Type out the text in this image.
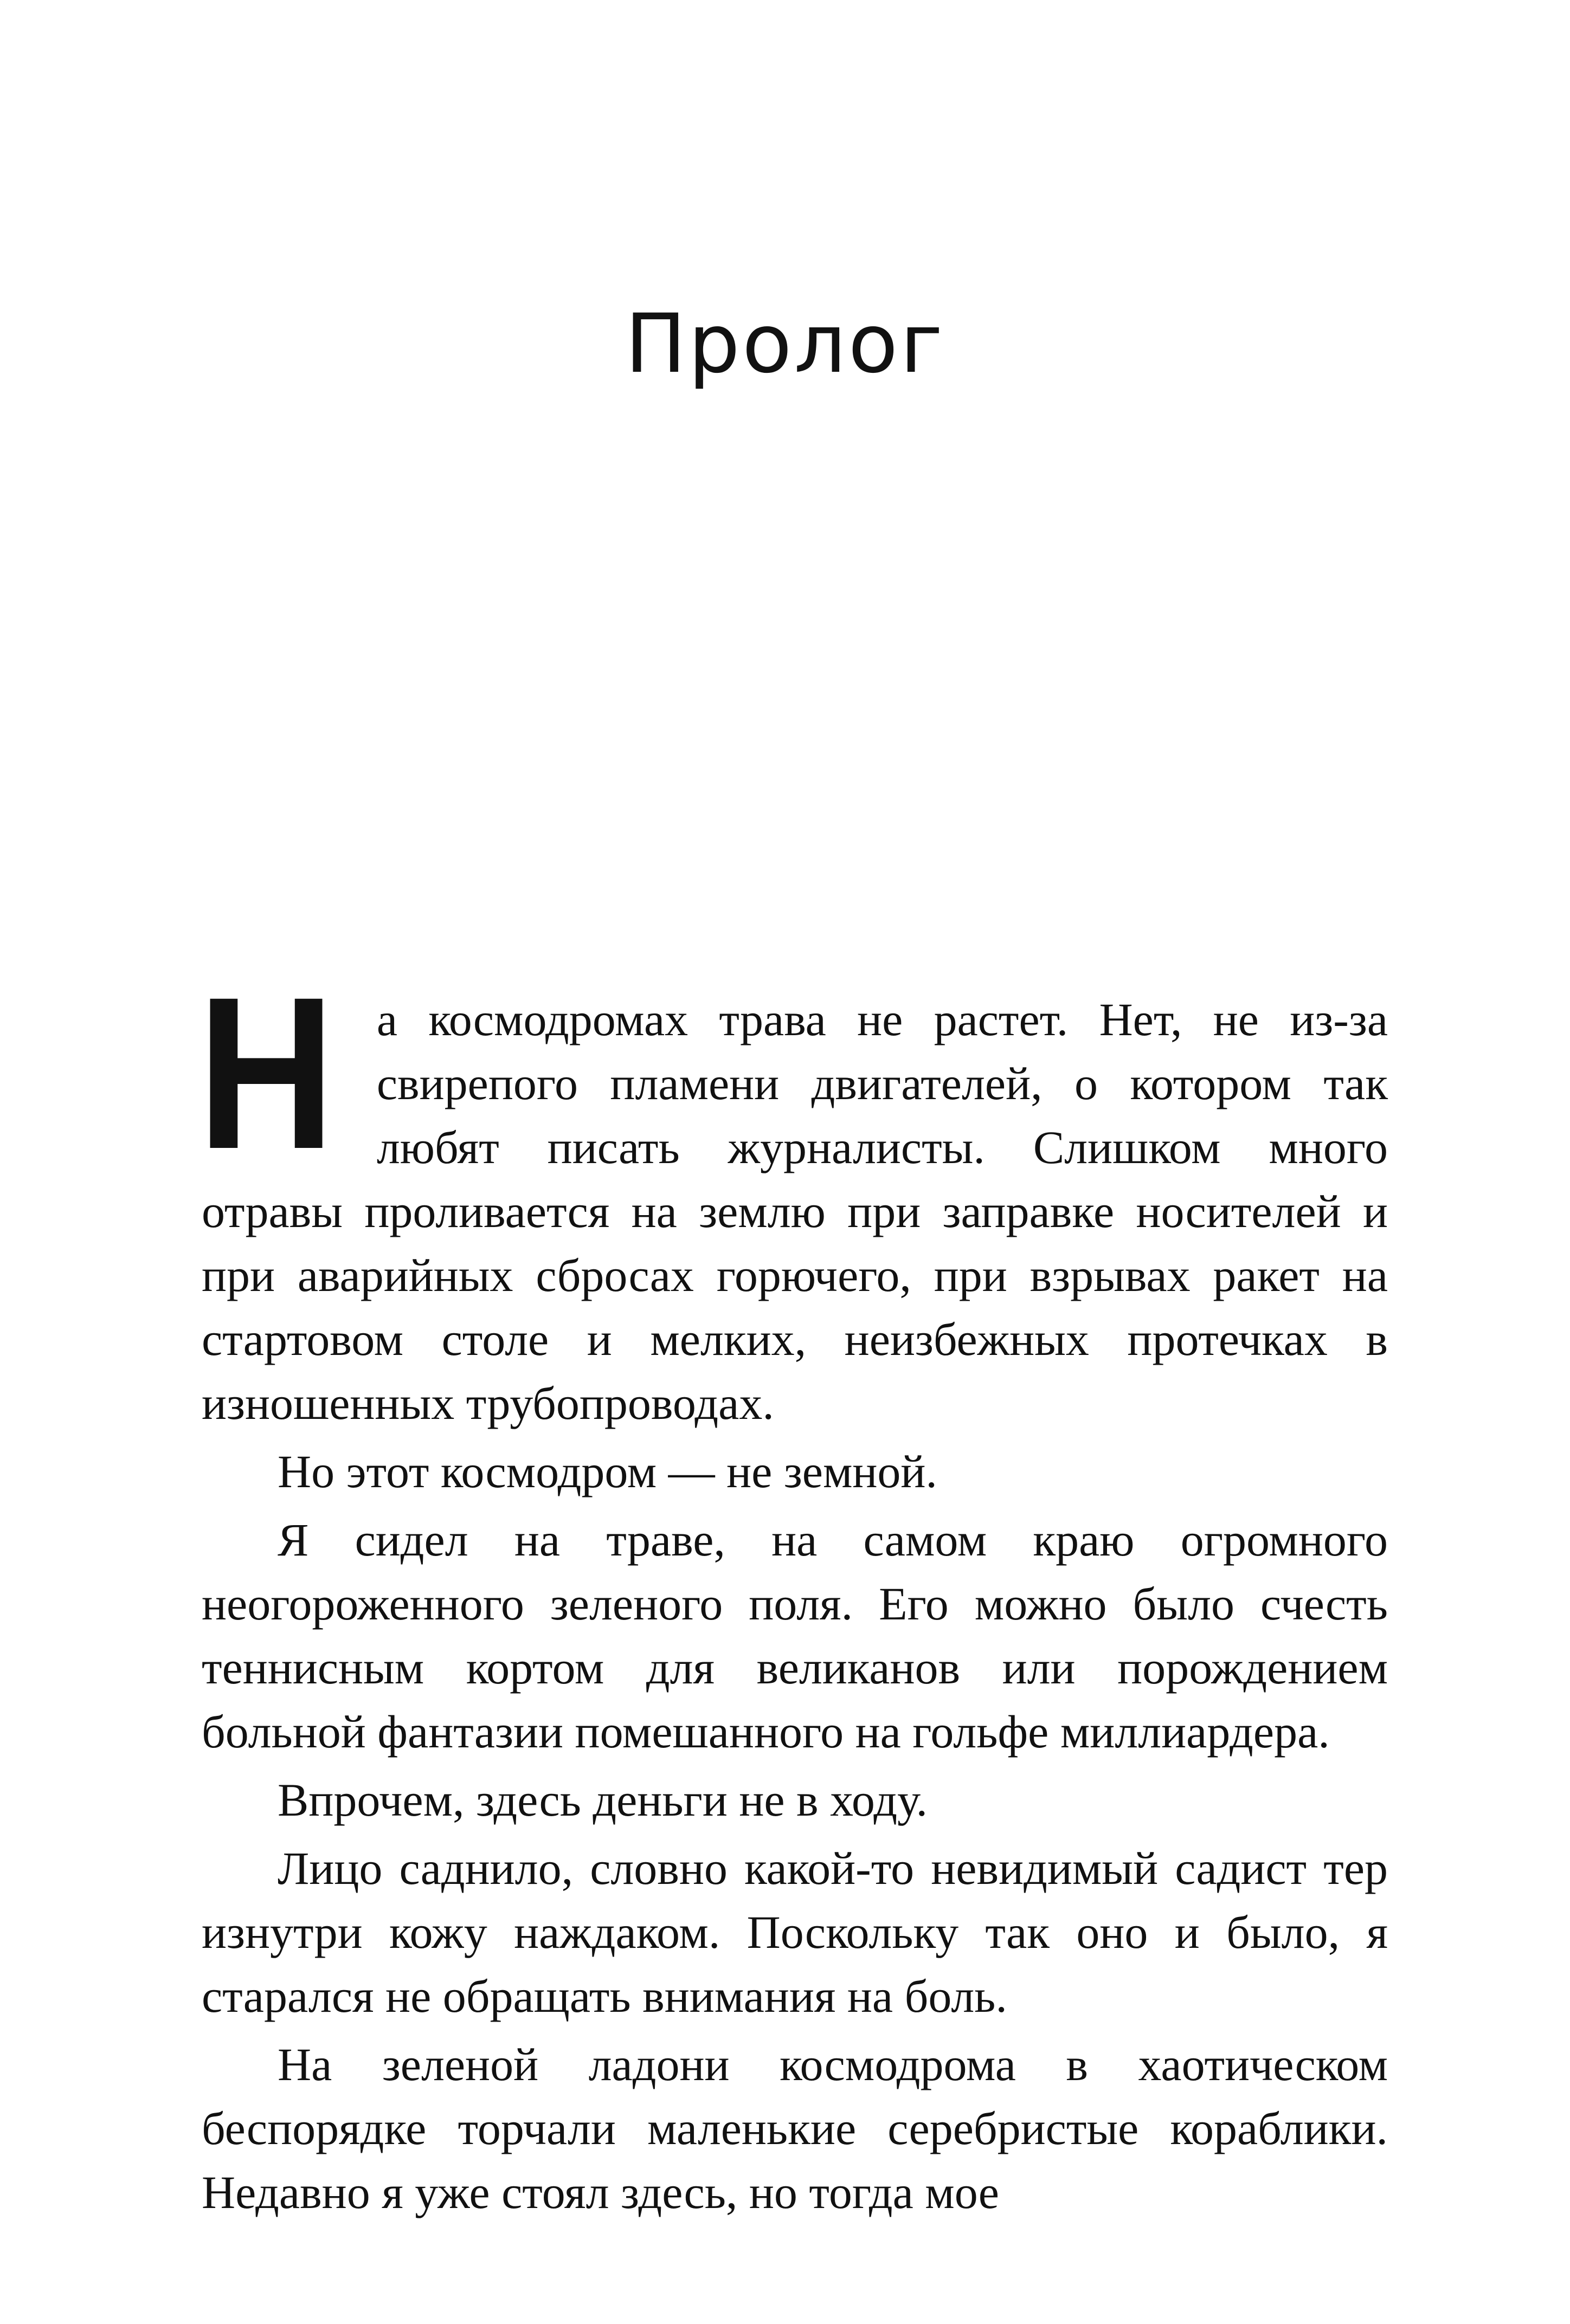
Пролог

На космодромах трава не растет. Нет, не из-за свирепого пламени двигателей, о котором так любят писать журналисты. Слишком много отравы проливается на землю при заправке носителей и при аварийных сбросах горючего, при взрывах ракет на стартовом столе и мелких, неизбежных протечках в изношенных трубопроводах.

Но этот космодром — не земной.

Я сидел на траве, на самом краю огромного неогороженного зеленого поля. Его можно было счесть теннисным кортом для великанов или порождением больной фантазии помешанного на гольфе миллиардера.

Впрочем, здесь деньги не в ходу.

Лицо саднило, словно какой-то невидимый садист тер изнутри кожу наждаком. Поскольку так оно и было, я старался не обращать внимания на боль.

На зеленой ладони космодрома в хаотическом беспорядке торчали маленькие серебристые кораблики. Недавно я уже стоял здесь, но тогда мое
